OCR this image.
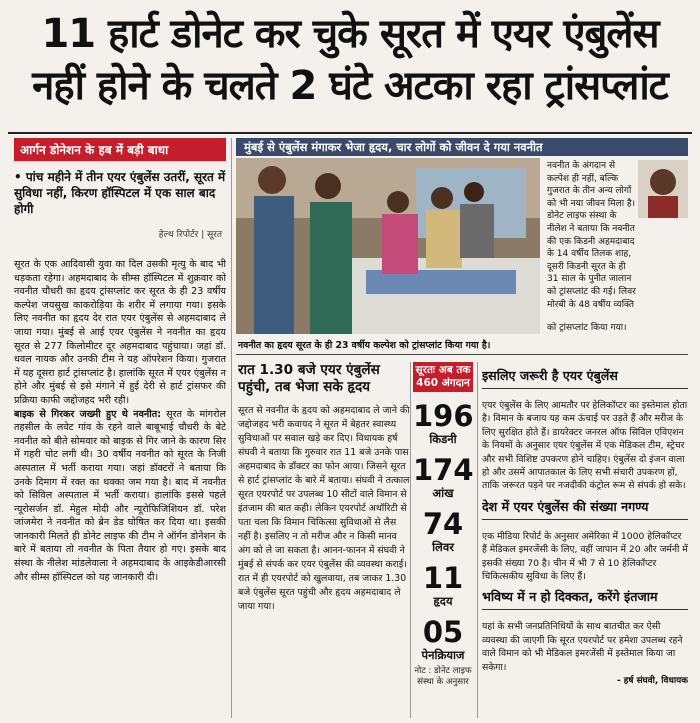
11 हार्ट डोनेट कर चुके सूरत में एयर एंबुलेंस
नहीं होने के चलते 2 घंटे अटका रहा ट्रांसप्लांट
आर्गन डोनेशन के हब में बड़ी बाधा
• पांच महीने में तीन एयर एंबुलेंस उतरीं, सूरत में सुविधा नहीं, किरण हॉस्पिटल में एक साल बाद होगी
हेल्थ रिपोर्टर | सूरत
सूरत के एक आदिवासी युवा का दिल उसकी मृत्यु के बाद भी धड़कता रहेगा। अहमदाबाद के सीम्स हॉस्पिटल में शुक्रवार को नवनीत चौधरी का हृदय ट्रांसप्लांट कर सूरत के ही 23 वर्षीय कल्पेश जयसुख काकरोड़िया के शरीर में लगाया गया। इसके लिए नवनीत का हृदय देर रात एयर एंबुलेंस से अहमदाबाद ले जाया गया। मुंबई से आई एयर एंबुलेंस ने नवनीत का हृदय सूरत से 277 किलोमीटर दूर अहमदाबाद पहुंचाया। जहां डॉ. धवल नायक और उनकी टीम ने यह ऑपरेशन किया। गुजरात में यह दूसरा हार्ट ट्रांसप्लांट है। हालांकि सूरत में एयर एंबुलेंस न होने और मुंबई से इसे मंगाने में हुई देरी से हार्ट ट्रांसफर की प्रक्रिया काफी जद्दोजहद भरी रही।
बाइक से गिरकर जख्मी हुए थे नवनीत: सूरत के मांगरोल तहसील के लवेट गांव के रहने वाले बाबूभाई चौधरी के बेटे नवनीत को बीते सोमवार को बाइक से गिर जाने के कारण सिर में गहरी चोट लगी थी। 30 वर्षीय नवनीत को सूरत के निजी अस्पताल में भर्ती कराया गया। जहां डॉक्टरों ने बताया कि उनके दिमाग में रक्त का थक्का जम गया है। बाद में नवनीत को सिविल अस्पताल में भर्ती कराया। हालांकि इससे पहले न्यूरोसर्जन डॉ. मेहुल मोदी और न्यूरोफिजिशियन डॉ. परेश जांजमेरा ने नवनीत को ब्रेन डेड घोषित कर दिया था। इसकी जानकारी मिलते ही डोनेट लाइफ की टीम ने ऑर्गन डोनेशन के बारे में बताया तो नवनीत के पिता तैयार हो गए। इसके बाद संस्था के नीलेश मांडलेवाला ने अहमदाबाद के आइकेडीआरसी और सीम्स हॉस्पिटल को यह जानकारी दी।
मुंबई से एंबुलेंस मंगाकर भेजा हृदय, चार लोगों को जीवन दे गया नवनीत
नवनीत के अंगदान से कल्पेश ही नहीं, बल्कि गुजरात के तीन अन्य लोगों को भी नया जीवन मिला है। डोनेट लाइफ संस्था के नीलेश ने बताया कि नवनीत की एक किडनी अहमदाबाद के 14 वर्षीय तिलक शाह, दूसरी किडनी सूरत के ही 31 साल के पुनीत जालान को ट्रांसप्लांट की गई। लिवर मोरबी के 48 वर्षीय व्यक्ति
नवनीत का हृदय सूरत के ही 23 वर्षीय कल्पेश को ट्रांसप्लांट किया गया है।
को ट्रांसप्लांट किया गया।
रात 1.30 बजे एयर एंबुलेंस पहुंची, तब भेजा सके हृदय
सूरत से नवनीत के हृदय को अहमदाबाद ले जाने की जद्दोजहद भरी कवायद ने सूरत में बेहतर स्वास्थ्य सुविधाओं पर सवाल खड़े कर दिए। विधायक हर्ष संघवी ने बताया कि गुरुवार रात 11 बजे उनके पास अहमदाबाद के डॉक्टर का फोन आया। जिसने सूरत से हार्ट ट्रांसप्लांट के बारे में बताया। संघवी ने तत्काल सूरत एयरपोर्ट पर उपलब्ध 10 सीटों वाले विमान से इंतजाम की बात कही। लेकिन एयरपोर्ट अथॉरिटी से पता चला कि विमान चिकित्सा सुविधाओं से लैस नहीं है। इसलिए न तो मरीज और न किसी मानव अंग को ले जा सकता है। आनन-फानन में संघवी ने मुंबई से संपर्क कर एयर एंबुलेंस की व्यवस्था कराई। रात में ही एयरपोर्ट को खुलवाया, तब जाकर 1.30 बजे एंबुलेंस सूरत पहुंची और हृदय अहमदाबाद ले जाया गया।
सूरतः अब तक 460 अंगदान
196
किडनी
174
आंख
74
लिवर
11
हृदय
05
पेनक्रियाज
नोट : डोनेट लाइफ संस्था के अनुसार
इसलिए जरूरी है एयर एंबुलेंस
एयर एंबुलेंस के लिए आमतौर पर हेलिकॉप्टर का इस्तेमाल होता है। विमान के बजाय यह कम ऊंचाई पर उड़ते हैं और मरीज के लिए सुरक्षित होते हैं। डायरेक्टर जनरल ऑफ सिविल एविएशन के नियमों के अनुसार एयर एंबुलेंस में एक मेडिकल टीम, स्ट्रेचर और सभी विशिष्ट उपकरण होने चाहिए। एंबुलेंस दो इंजन वाला हो और उसमें आपातकाल के लिए सभी संचारी उपकरण हों, ताकि जरूरत पड़ने पर नजदीकी कंट्रोल रूम से संपर्क हो सके।
देश में एयर एंबुलेंस की संख्या नगण्य
एक मीडिया रिपोर्ट के अनुसार अमेरिका में 1000 हेलिकॉप्टर हैं मेडिकल इमरजेंसी के लिए, वहीं जापान में 20 और जर्मनी में इसकी संख्या 70 है। चीन में भी 7 से 10 हेलिकॉप्टर चिकित्सकीय सुविधा के लिए हैं।
भविष्य में न हो दिक्कत, करेंगे इंतजाम
यहां के सभी जनप्रतिनिधियों के साथ बातचीत कर ऐसी व्यवस्था की जाएगी कि सूरत एयरपोर्ट पर हमेशा उपलब्ध रहने वाले विमान को भी मेडिकल इमरजेंसी में इस्तेमाल किया जा सकेगा।
- हर्ष संघवी, विधायक
